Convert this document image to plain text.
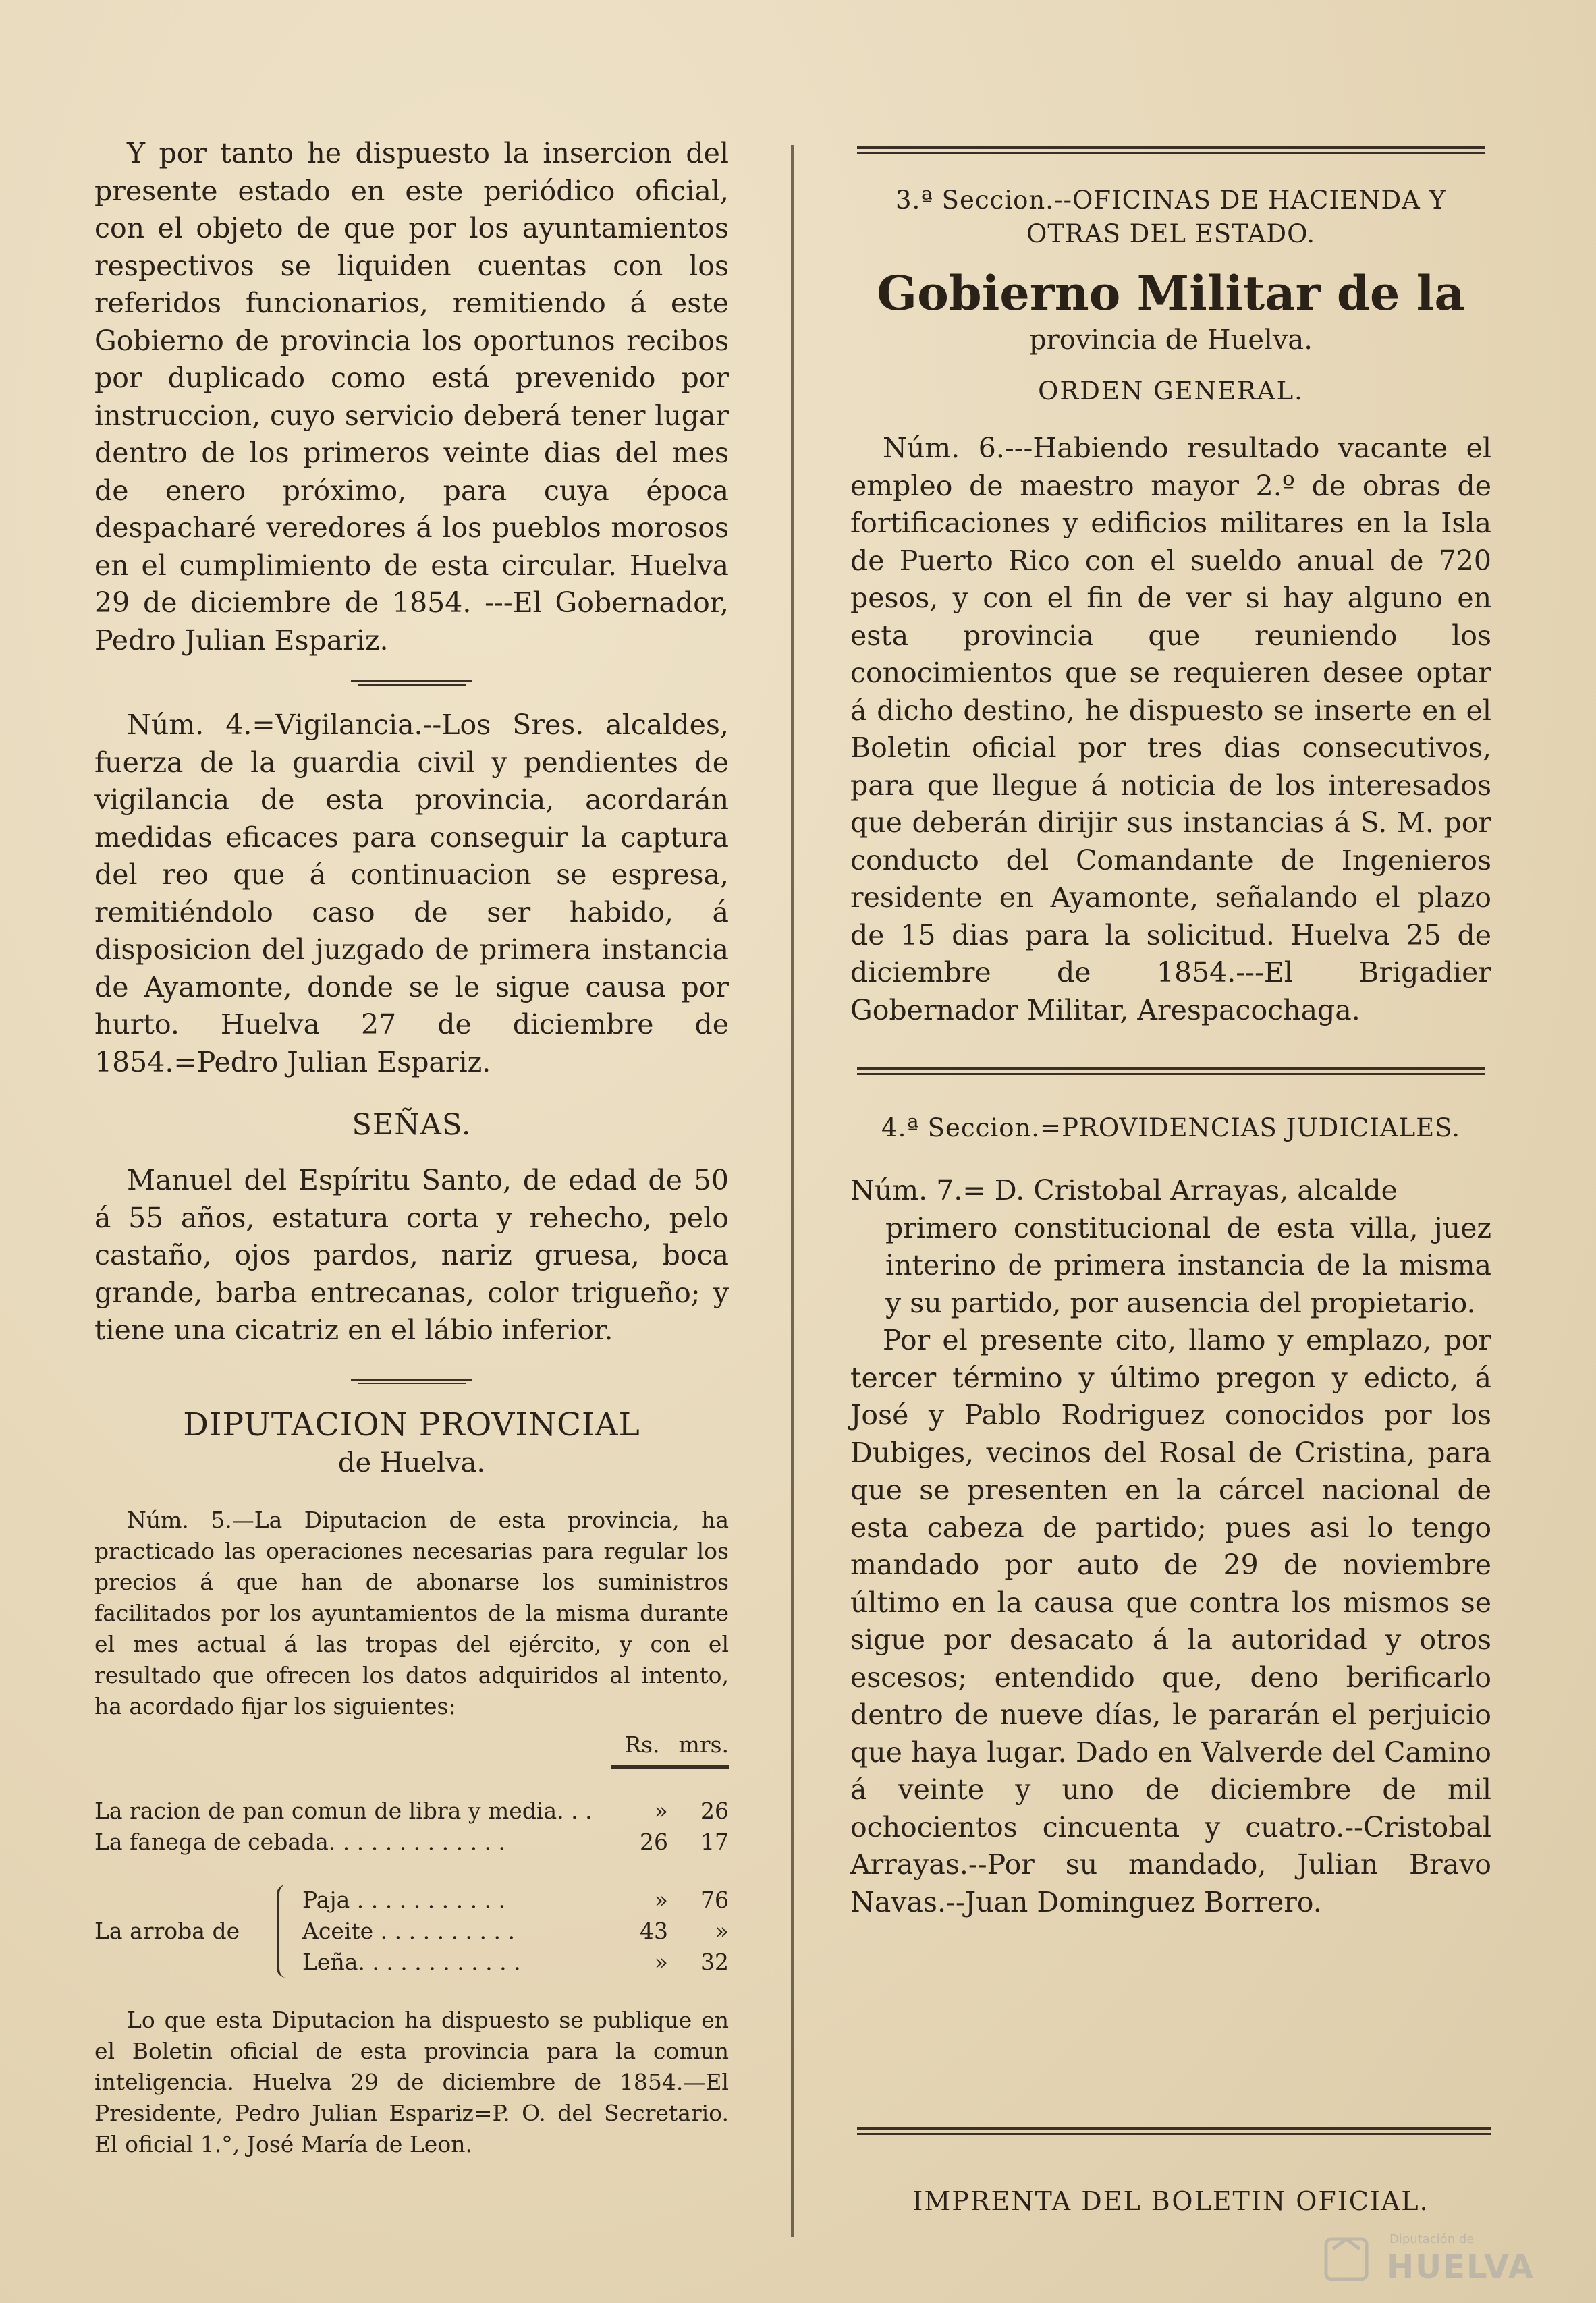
Y por tanto he dispuesto la insercion del presente estado en este periódico oficial, con el objeto de que por los ayuntamientos respectivos se liquiden cuentas con los referidos funcionarios, remitiendo á este Gobierno de provincia los oportunos recibos por duplicado como está prevenido por instruccion, cuyo servicio deberá tener lugar dentro de los primeros veinte dias del mes de enero próximo, para cuya época despacharé veredores á los pueblos morosos en el cumplimiento de esta circular. Huelva 29 de diciembre de 1854. ---El Gobernador, Pedro Julian Espariz.

Núm. 4.=Vigilancia.--Los Sres. alcaldes, fuerza de la guardia civil y pendientes de vigilancia de esta provincia, acordarán medidas eficaces para conseguir la captura del reo que á continuacion se espresa, remitiéndolo caso de ser habido, á disposicion del juzgado de primera instancia de Ayamonte, donde se le sigue causa por hurto. Huelva 27 de diciembre de 1854.=Pedro Julian Espariz.

SEÑAS.

Manuel del Espíritu Santo, de edad de 50 á 55 años, estatura corta y rehecho, pelo castaño, ojos pardos, nariz gruesa, boca grande, barba entrecanas, color trigueño; y tiene una cicatriz en el lábio inferior.

DIPUTACION PROVINCIAL
de Huelva.

Núm. 5.—La Diputacion de esta provincia, ha practicado las operaciones necesarias para regular los precios á que han de abonarse los suministros facilitados por los ayuntamientos de la misma durante el mes actual á las tropas del ejército, y con el resultado que ofrecen los datos adquiridos al intento, ha acordado fijar los siguientes:

Rs. mrs.
La racion de pan comun de libra y media. . .	»	26
La fanega de cebada. . . . . . . . . . . . .	26	17
La arroba de
Paja . . . . . . . . . . .	»	76
Aceite . . . . . . . . . .	43	»
Leña. . . . . . . . . . . .	»	32

Lo que esta Diputacion ha dispuesto se publique en el Boletin oficial de esta provincia para la comun inteligencia. Huelva 29 de diciembre de 1854.—El Presidente, Pedro Julian Espariz=P. O. del Secretario. El oficial 1.°, José María de Leon.

3.ª Seccion.--OFICINAS DE HACIENDA Y OTRAS DEL ESTADO.
Gobierno Militar de la
provincia de Huelva.
ORDEN GENERAL.

Núm. 6.---Habiendo resultado vacante el empleo de maestro mayor 2.º de obras de fortificaciones y edificios militares en la Isla de Puerto Rico con el sueldo anual de 720 pesos, y con el fin de ver si hay alguno en esta provincia que reuniendo los conocimientos que se requieren desee optar á dicho destino, he dispuesto se inserte en el Boletin oficial por tres dias consecutivos, para que llegue á noticia de los interesados que deberán dirijir sus instancias á S. M. por conducto del Comandante de Ingenieros residente en Ayamonte, señalando el plazo de 15 dias para la solicitud. Huelva 25 de diciembre de 1854.---El Brigadier Gobernador Militar, Arespacochaga.

4.ª Seccion.=PROVIDENCIAS JUDICIALES.

Núm. 7.= D. Cristobal Arrayas, alcalde

primero constitucional de esta villa, juez interino de primera instancia de la misma y su partido, por ausencia del propietario.

Por el presente cito, llamo y emplazo, por tercer término y último pregon y edicto, á José y Pablo Rodriguez conocidos por los Dubiges, vecinos del Rosal de Cristina, para que se presenten en la cárcel nacional de esta cabeza de partido; pues asi lo tengo mandado por auto de 29 de noviembre último en la causa que contra los mismos se sigue por desacato á la autoridad y otros escesos; entendido que, deno berificarlo dentro de nueve días, le pararán el perjuicio que haya lugar. Dado en Valverde del Camino á veinte y uno de diciembre de mil ochocientos cincuenta y cuatro.--Cristobal Arrayas.--Por su mandado, Julian Bravo Navas.--Juan Dominguez Borrero.

IMPRENTA DEL BOLETIN OFICIAL.
Diputación de
HUELVA
